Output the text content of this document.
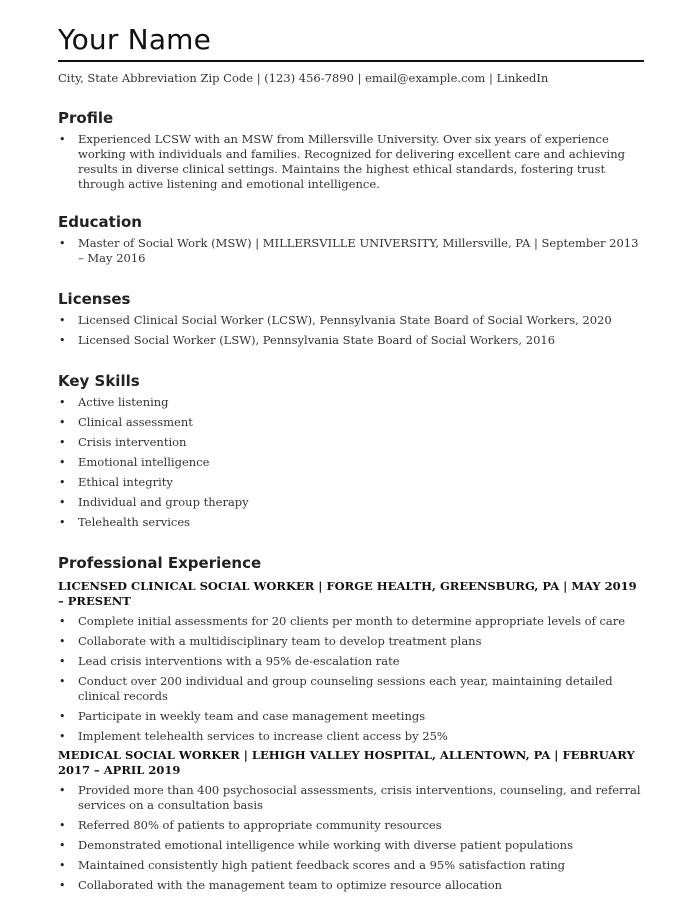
Your Name
City, State Abbreviation Zip Code | (123) 456-7890 | email@example.com | LinkedIn
Profile
• Experienced LCSW with an MSW from Millersville University. Over six years of experience working with individuals and families. Recognized for delivering excellent care and achieving results in diverse clinical settings. Maintains the highest ethical standards, fostering trust through active listening and emotional intelligence.
Education
• Master of Social Work (MSW) | MILLERSVILLE UNIVERSITY, Millersville, PA | September 2013 – May 2016
Licenses
• Licensed Clinical Social Worker (LCSW), Pennsylvania State Board of Social Workers, 2020
• Licensed Social Worker (LSW), Pennsylvania State Board of Social Workers, 2016
Key Skills
• Active listening
• Clinical assessment
• Crisis intervention
• Emotional intelligence
• Ethical integrity
• Individual and group therapy
• Telehealth services
Professional Experience
LICENSED CLINICAL SOCIAL WORKER | FORGE HEALTH, GREENSBURG, PA | MAY 2019 – PRESENT
• Complete initial assessments for 20 clients per month to determine appropriate levels of care
• Collaborate with a multidisciplinary team to develop treatment plans
• Lead crisis interventions with a 95% de-escalation rate
• Conduct over 200 individual and group counseling sessions each year, maintaining detailed clinical records
• Participate in weekly team and case management meetings
• Implement telehealth services to increase client access by 25%
MEDICAL SOCIAL WORKER | LEHIGH VALLEY HOSPITAL, ALLENTOWN, PA | FEBRUARY 2017 – APRIL 2019
• Provided more than 400 psychosocial assessments, crisis interventions, counseling, and referral services on a consultation basis
• Referred 80% of patients to appropriate community resources
• Demonstrated emotional intelligence while working with diverse patient populations
• Maintained consistently high patient feedback scores and a 95% satisfaction rating
• Collaborated with the management team to optimize resource allocation
